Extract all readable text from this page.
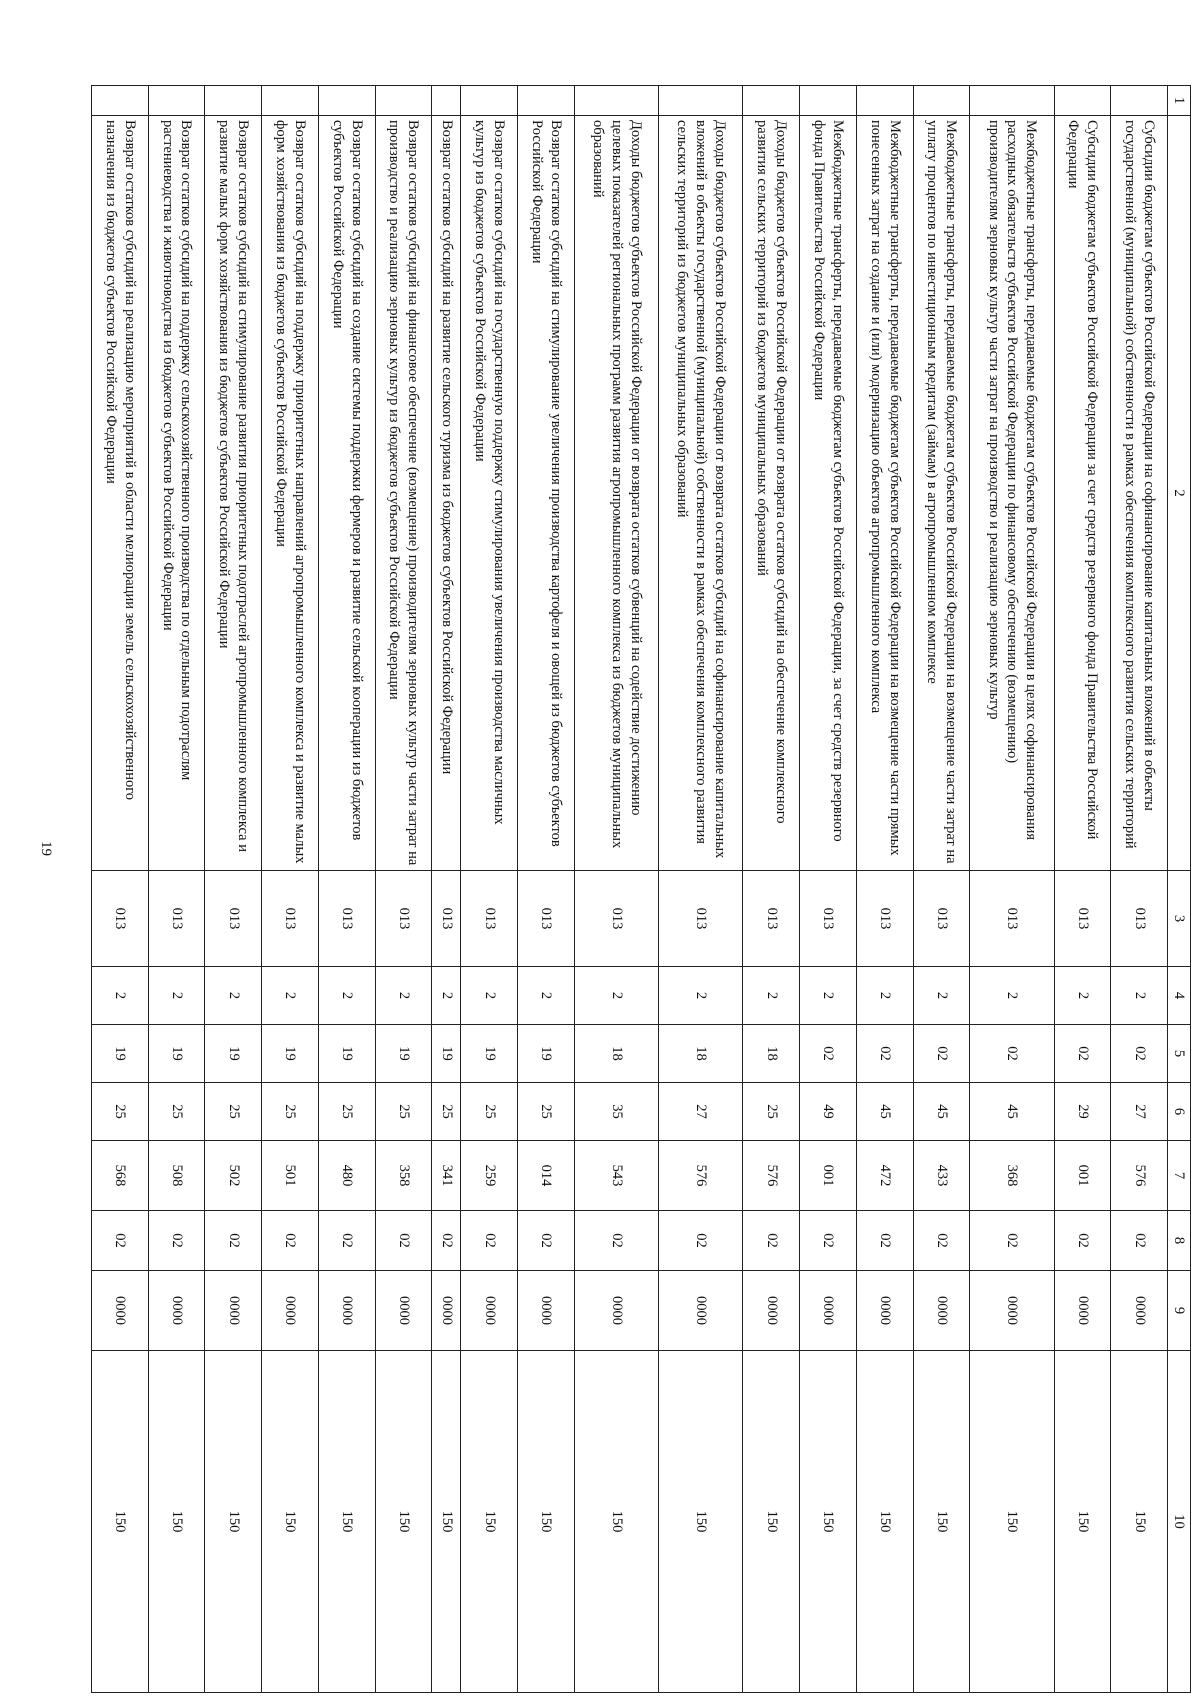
19
1	2	3	4	5	6	7	8	9	10
	Субсидии бюджетам субъектов Российской Федерации на софинансирование капитальных вложений в объекты государственной (муниципальной) собственности в рамках обеспечения комплексного развития сельских территорий	013	2	02	27	576	02	0000	150
	Субсидии бюджетам субъектов Российской Федерации за счет средств резервного фонда Правительства Российской Федерации	013	2	02	29	001	02	0000	150
	Межбюджетные трансферты, передаваемые бюджетам субъектов Российской Федерации в целях софинансирования расходных обязательств субъектов Российской Федерации по финансовому обеспечению (возмещению) производителям зерновых культур части затрат на производство и реализацию зерновых культур	013	2	02	45	368	02	0000	150
	Межбюджетные трансферты, передаваемые бюджетам субъектов Российской Федерации на возмещение части затрат на уплату процентов по инвестиционным кредитам (займам) в агропромышленном комплексе	013	2	02	45	433	02	0000	150
	Межбюджетные трансферты, передаваемые бюджетам субъектов Российской Федерации на возмещение части прямых понесенных затрат на создание и (или) модернизацию объектов агропромышленного комплекса	013	2	02	45	472	02	0000	150
	Межбюджетные трансферты, передаваемые бюджетам субъектов Российской Федерации, за счет средств резервного фонда Правительства Российской Федерации	013	2	02	49	001	02	0000	150
	Доходы бюджетов субъектов Российской Федерации от возврата остатков субсидий на обеспечение комплексного развития сельских территорий из бюджетов муниципальных образований	013	2	18	25	576	02	0000	150
	Доходы бюджетов субъектов Российской Федерации от возврата остатков субсидий на софинансирование капитальных вложений в объекты государственной (муниципальной) собственности в рамках обеспечения комплексного развития сельских территорий из бюджетов муниципальных образований	013	2	18	27	576	02	0000	150
	Доходы бюджетов субъектов Российской Федерации от возврата остатков субвенций на содействие достижению целевых показателей региональных программ развития агропромышленного комплекса из бюджетов муниципальных образований	013	2	18	35	543	02	0000	150
	Возврат остатков субсидий на стимулирование увеличения производства картофеля и овощей из бюджетов субъектов Российской Федерации	013	2	19	25	014	02	0000	150
	Возврат остатков субсидий на государственную поддержку стимулирования увеличения производства масличных культур из бюджетов субъектов Российской Федерации	013	2	19	25	259	02	0000	150
	Возврат остатков субсидий на развитие сельского туризма из бюджетов субъектов Российской Федерации	013	2	19	25	341	02	0000	150
	Возврат остатков субсидий на финансовое обеспечение (возмещение) производителям зерновых культур части затрат на производство и реализацию зерновых культур из бюджетов субъектов Российской Федерации	013	2	19	25	358	02	0000	150
	Возврат остатков субсидий на создание системы поддержки фермеров и развитие сельской кооперации из бюджетов субъектов Российской Федерации	013	2	19	25	480	02	0000	150
	Возврат остатков субсидий на поддержку приоритетных направлений агропромышленного комплекса и развитие малых форм хозяйствования из бюджетов субъектов Российской Федерации	013	2	19	25	501	02	0000	150
	Возврат остатков субсидий на стимулирование развития приоритетных подотраслей агропромышленного комплекса и развитие малых форм хозяйствования из бюджетов субъектов Российской Федерации	013	2	19	25	502	02	0000	150
	Возврат остатков субсидий на поддержку сельскохозяйственного производства по отдельным подотраслям растениеводства и животноводства из бюджетов субъектов Российской Федерации	013	2	19	25	508	02	0000	150
	Возврат остатков субсидий на реализацию мероприятий в области мелиорации земель сельскохозяйственного назначения из бюджетов субъектов Российской Федерации	013	2	19	25	568	02	0000	150
